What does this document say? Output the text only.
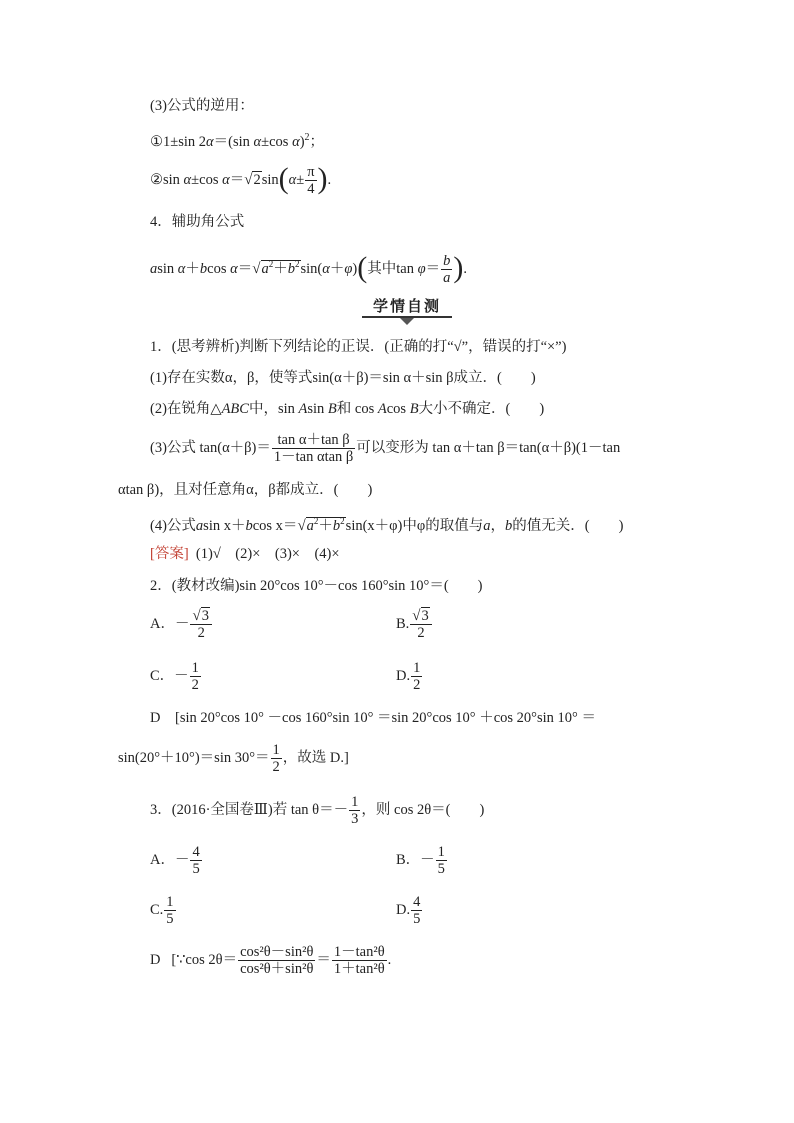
(3)公式的逆用：
①1±sin 2α＝(sin α±cos α)$^2$；
②sin α±cos $\alpha=√2\sin(\alpha\pm \frac{\pi}{4}$ ).
4．辅助角公式
asin α＋bcos $\alpha=√a^2+b^2\sin(\alpha+\varphi)$(其中$\tan \varphi= \frac{b}{a}$ ).
学情自测
1．(思考辨析)判断下列结论的正误．(正确的打“√”，错误的打“×”)
(1)存在实数α，β，使等式sin(α＋β)＝sin α＋sin β成立．(　　)
(2)在锐角△ABC中，sin Asin B和 cos Acos B大小不确定．(　　)
(3)公式 $\tan(\alpha+\beta)= \frac{\text{tan α＋tan β}}{\text{1－tan αtan β}}$ 可以变形为 tan α＋tan β＝tan(α＋β)(1－tan
αtan β)，且对任意角α，β都成立．(　　)
(4)公式asin x＋bcos $x=√a^2+b^2\sin(x+\varphi)$中φ的取值与a，b的值无关．(　　)
[答案] (1)√　(2)×　(3)×　(4)×
2．(教材改编)sin 20°cos 10°－cos 160°sin 10°＝(　　)
A．－ $\frac{√3}{2}$	B. $\frac{√3}{2}$
C．－ $\frac{1}{2}$	D. $\frac{1}{2}$
D [sin 20°cos 10° －cos 160°sin 10° ＝sin 20°cos 10° ＋cos 20°sin 10° ＝
sin(20°＋10°)＝sin $30^\circ= \frac{1}{2}$ ，故选 D.]
3．(2016·全国卷Ⅲ)若 $\tan \theta=- \frac{1}{3}$ ，则 cos 2θ＝(　　)
A．－ $\frac{4}{5}$	B．－ $\frac{1}{5}$
C. $\frac{1}{5}$	D. $\frac{4}{5}$
D [∵cos $2\theta= \frac{\text{cos²θ－sin²θ}}{\text{cos²θ＋sin²θ}} = \frac{\text{1－tan²θ}}{\text{1＋tan²θ}}$ .
